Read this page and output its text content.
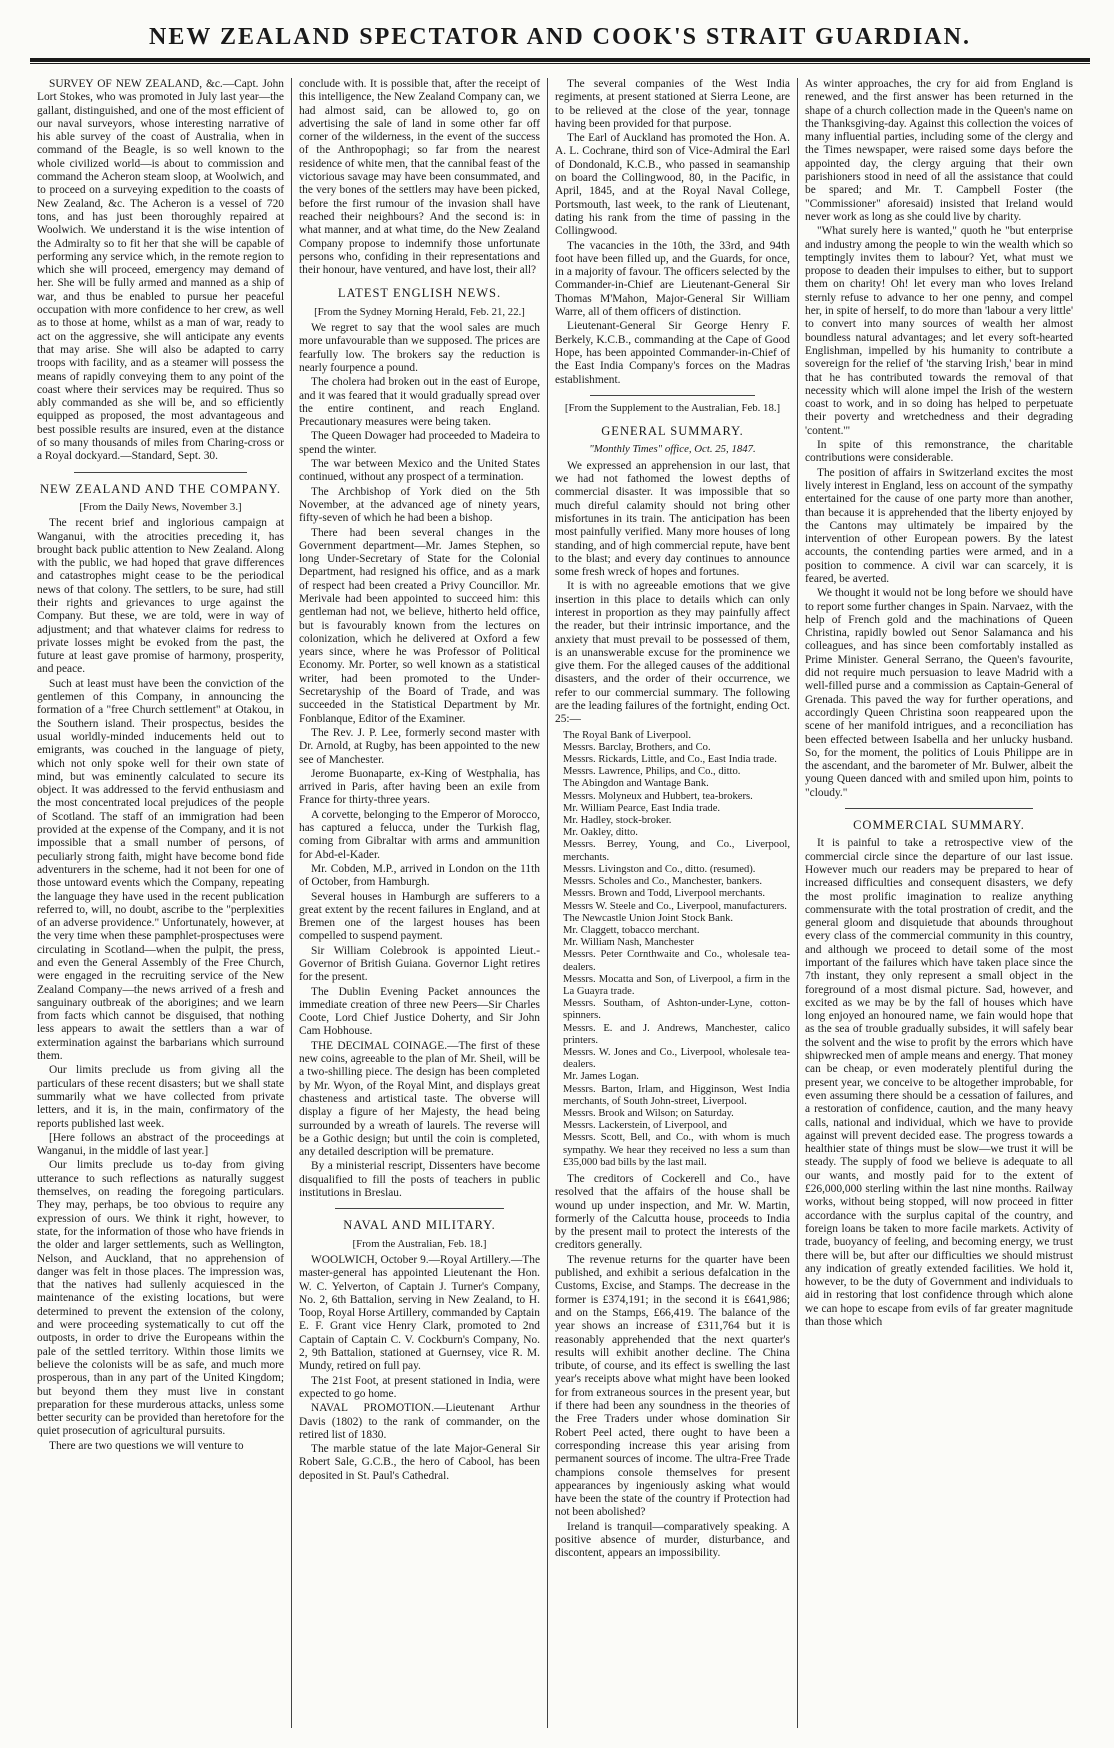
NEW ZEALAND SPECTATOR AND COOK'S STRAIT GUARDIAN.

SURVEY OF NEW ZEALAND, &c.—Capt. John Lort Stokes, who was promoted in July last year—the gallant, distinguished, and one of the most efficient of our naval surveyors, whose interesting narrative of his able survey of the coast of Australia, when in command of the Beagle, is so well known to the whole civilized world—is about to commission and command the Acheron steam sloop, at Woolwich, and to proceed on a surveying expedition to the coasts of New Zealand, &c. The Acheron is a vessel of 720 tons, and has just been thoroughly repaired at Woolwich. We understand it is the wise intention of the Admiralty so to fit her that she will be capable of performing any service which, in the remote region to which she will proceed, emergency may demand of her. She will be fully armed and manned as a ship of war, and thus be enabled to pursue her peaceful occupation with more confidence to her crew, as well as to those at home, whilst as a man of war, ready to act on the aggressive, she will anticipate any events that may arise. She will also be adapted to carry troops with facility, and as a steamer will possess the means of rapidly conveying them to any point of the coast where their services may be required. Thus so ably commanded as she will be, and so efficiently equipped as proposed, the most advantageous and best possible results are insured, even at the distance of so many thousands of miles from Charing-cross or a Royal dockyard.—Standard, Sept. 30.

NEW ZEALAND AND THE COMPANY.

[From the Daily News, November 3.]

The recent brief and inglorious campaign at Wanganui, with the atrocities preceding it, has brought back public attention to New Zealand. Along with the public, we had hoped that grave differences and catastrophes might cease to be the periodical news of that colony. The settlers, to be sure, had still their rights and grievances to urge against the Company. But these, we are told, were in way of adjustment; and that whatever claims for redress to private losses might be evoked from the past, the future at least gave promise of harmony, prosperity, and peace.

Such at least must have been the conviction of the gentlemen of this Company, in announcing the formation of a "free Church settlement" at Otakou, in the Southern island. Their prospectus, besides the usual worldly-minded inducements held out to emigrants, was couched in the language of piety, which not only spoke well for their own state of mind, but was eminently calculated to secure its object. It was addressed to the fervid enthusiasm and the most concentrated local prejudices of the people of Scotland. The staff of an immigration had been provided at the expense of the Company, and it is not impossible that a small number of persons, of peculiarly strong faith, might have become bond fide adventurers in the scheme, had it not been for one of those untoward events which the Company, repeating the language they have used in the recent publication referred to, will, no doubt, ascribe to the "perplexities of an adverse providence." Unfortunately, however, at the very time when these pamphlet-prospectuses were circulating in Scotland—when the pulpit, the press, and even the General Assembly of the Free Church, were engaged in the recruiting service of the New Zealand Company—the news arrived of a fresh and sanguinary outbreak of the aborigines; and we learn from facts which cannot be disguised, that nothing less appears to await the settlers than a war of extermination against the barbarians which surround them.

Our limits preclude us from giving all the particulars of these recent disasters; but we shall state summarily what we have collected from private letters, and it is, in the main, confirmatory of the reports published last week.

[Here follows an abstract of the proceedings at Wanganui, in the middle of last year.]

Our limits preclude us to-day from giving utterance to such reflections as naturally suggest themselves, on reading the foregoing particulars. They may, perhaps, be too obvious to require any expression of ours. We think it right, however, to state, for the information of those who have friends in the older and larger settlements, such as Wellington, Nelson, and Auckland, that no apprehension of danger was felt in those places. The impression was, that the natives had sullenly acquiesced in the maintenance of the existing locations, but were determined to prevent the extension of the colony, and were proceeding systematically to cut off the outposts, in order to drive the Europeans within the pale of the settled territory. Within those limits we believe the colonists will be as safe, and much more prosperous, than in any part of the United Kingdom; but beyond them they must live in constant preparation for these murderous attacks, unless some better security can be provided than heretofore for the quiet prosecution of agricultural pursuits.

There are two questions we will venture to

conclude with. It is possible that, after the receipt of this intelligence, the New Zealand Company can, we had almost said, can be allowed to, go on advertising the sale of land in some other far off corner of the wilderness, in the event of the success of the Anthropophagi; so far from the nearest residence of white men, that the cannibal feast of the victorious savage may have been consummated, and the very bones of the settlers may have been picked, before the first rumour of the invasion shall have reached their neighbours? And the second is: in what manner, and at what time, do the New Zealand Company propose to indemnify those unfortunate persons who, confiding in their representations and their honour, have ventured, and have lost, their all?

LATEST ENGLISH NEWS.

[From the Sydney Morning Herald, Feb. 21, 22.]

We regret to say that the wool sales are much more unfavourable than we supposed. The prices are fearfully low. The brokers say the reduction is nearly fourpence a pound.

The cholera had broken out in the east of Europe, and it was feared that it would gradually spread over the entire continent, and reach England. Precautionary measures were being taken.

The Queen Dowager had proceeded to Madeira to spend the winter.

The war between Mexico and the United States continued, without any prospect of a termination.

The Archbishop of York died on the 5th November, at the advanced age of ninety years, fifty-seven of which he had been a bishop.

There had been several changes in the Government department—Mr. James Stephen, so long Under-Secretary of State for the Colonial Department, had resigned his office, and as a mark of respect had been created a Privy Councillor. Mr. Merivale had been appointed to succeed him: this gentleman had not, we believe, hitherto held office, but is favourably known from the lectures on colonization, which he delivered at Oxford a few years since, where he was Professor of Political Economy. Mr. Porter, so well known as a statistical writer, had been promoted to the Under-Secretaryship of the Board of Trade, and was succeeded in the Statistical Department by Mr. Fonblanque, Editor of the Examiner.

The Rev. J. P. Lee, formerly second master with Dr. Arnold, at Rugby, has been appointed to the new see of Manchester.

Jerome Buonaparte, ex-King of Westphalia, has arrived in Paris, after having been an exile from France for thirty-three years.

A corvette, belonging to the Emperor of Morocco, has captured a felucca, under the Turkish flag, coming from Gibraltar with arms and ammunition for Abd-el-Kader.

Mr. Cobden, M.P., arrived in London on the 11th of October, from Hamburgh.

Several houses in Hamburgh are sufferers to a great extent by the recent failures in England, and at Bremen one of the largest houses has been compelled to suspend payment.

Sir William Colebrook is appointed Lieut.-Governor of British Guiana. Governor Light retires for the present.

The Dublin Evening Packet announces the immediate creation of three new Peers—Sir Charles Coote, Lord Chief Justice Doherty, and Sir John Cam Hobhouse.

THE DECIMAL COINAGE.—The first of these new coins, agreeable to the plan of Mr. Sheil, will be a two-shilling piece. The design has been completed by Mr. Wyon, of the Royal Mint, and displays great chasteness and artistical taste. The obverse will display a figure of her Majesty, the head being surrounded by a wreath of laurels. The reverse will be a Gothic design; but until the coin is completed, any detailed description will be premature.

By a ministerial rescript, Dissenters have become disqualified to fill the posts of teachers in public institutions in Breslau.

NAVAL AND MILITARY.

[From the Australian, Feb. 18.]

WOOLWICH, October 9.—Royal Artillery.—The master-general has appointed Lieutenant the Hon. W. C. Yelverton, of Captain J. Turner's Company, No. 2, 6th Battalion, serving in New Zealand, to H. Toop, Royal Horse Artillery, commanded by Captain E. F. Grant vice Henry Clark, promoted to 2nd Captain of Captain C. V. Cockburn's Company, No. 2, 9th Battalion, stationed at Guernsey, vice R. M. Mundy, retired on full pay.

The 21st Foot, at present stationed in India, were expected to go home.

NAVAL PROMOTION.—Lieutenant Arthur Davis (1802) to the rank of commander, on the retired list of 1830.

The marble statue of the late Major-General Sir Robert Sale, G.C.B., the hero of Cabool, has been deposited in St. Paul's Cathedral.

The several companies of the West India regiments, at present stationed at Sierra Leone, are to be relieved at the close of the year, tonnage having been provided for that purpose.

The Earl of Auckland has promoted the Hon. A. A. L. Cochrane, third son of Vice-Admiral the Earl of Dondonald, K.C.B., who passed in seamanship on board the Collingwood, 80, in the Pacific, in April, 1845, and at the Royal Naval College, Portsmouth, last week, to the rank of Lieutenant, dating his rank from the time of passing in the Collingwood.

The vacancies in the 10th, the 33rd, and 94th foot have been filled up, and the Guards, for once, in a majority of favour. The officers selected by the Commander-in-Chief are Lieutenant-General Sir Thomas M'Mahon, Major-General Sir William Warre, all of them officers of distinction.

Lieutenant-General Sir George Henry F. Berkely, K.C.B., commanding at the Cape of Good Hope, has been appointed Commander-in-Chief of the East India Company's forces on the Madras establishment.

[From the Supplement to the Australian, Feb. 18.]

GENERAL SUMMARY.

"Monthly Times" office, Oct. 25, 1847.

We expressed an apprehension in our last, that we had not fathomed the lowest depths of commercial disaster. It was impossible that so much direful calamity should not bring other misfortunes in its train. The anticipation has been most painfully verified. Many more houses of long standing, and of high commercial repute, have bent to the blast; and every day continues to announce some fresh wreck of hopes and fortunes.

It is with no agreeable emotions that we give insertion in this place to details which can only interest in proportion as they may painfully affect the reader, but their intrinsic importance, and the anxiety that must prevail to be possessed of them, is an unanswerable excuse for the prominence we give them. For the alleged causes of the additional disasters, and the order of their occurrence, we refer to our commercial summary. The following are the leading failures of the fortnight, ending Oct. 25:—

The Royal Bank of Liverpool.

Messrs. Barclay, Brothers, and Co.

Messrs. Rickards, Little, and Co., East India trade.

Messrs. Lawrence, Philips, and Co., ditto.

The Abingdon and Wantage Bank.

Messrs. Molyneux and Hubbert, tea-brokers.

Mr. William Pearce, East India trade.

Mr. Hadley, stock-broker.

Mr. Oakley, ditto.

Messrs. Berrey, Young, and Co., Liverpool, merchants.

Messrs. Livingston and Co., ditto. (resumed).

Messrs. Scholes and Co., Manchester, bankers.

Messrs. Brown and Todd, Liverpool merchants.

Messrs W. Steele and Co., Liverpool, manufacturers.

The Newcastle Union Joint Stock Bank.

Mr. Claggett, tobacco merchant.

Mr. William Nash, Manchester

Messrs. Peter Cornthwaite and Co., wholesale tea-dealers.

Messrs. Mocatta and Son, of Liverpool, a firm in the La Guayra trade.

Messrs. Southam, of Ashton-under-Lyne, cotton-spinners.

Messrs. E. and J. Andrews, Manchester, calico printers.

Messrs. W. Jones and Co., Liverpool, wholesale tea-dealers.

Mr. James Logan.

Messrs. Barton, Irlam, and Higginson, West India merchants, of South John-street, Liverpool.

Messrs. Brook and Wilson; on Saturday.

Messrs. Lackerstein, of Liverpool, and

Messrs. Scott, Bell, and Co., with whom is much sympathy. We hear they received no less a sum than £35,000 bad bills by the last mail.

The creditors of Cockerell and Co., have resolved that the affairs of the house shall be wound up under inspection, and Mr. W. Martin, formerly of the Calcutta house, proceeds to India by the present mail to protect the interests of the creditors generally.

The revenue returns for the quarter have been published, and exhibit a serious defalcation in the Customs, Excise, and Stamps. The decrease in the former is £374,191; in the second it is £641,986; and on the Stamps, £66,419. The balance of the year shows an increase of £311,764 but it is reasonably apprehended that the next quarter's results will exhibit another decline. The China tribute, of course, and its effect is swelling the last year's receipts above what might have been looked for from extraneous sources in the present year, but if there had been any soundness in the theories of the Free Traders under whose domination Sir Robert Peel acted, there ought to have been a corresponding increase this year arising from permanent sources of income. The ultra-Free Trade champions console themselves for present appearances by ingeniously asking what would have been the state of the country if Protection had not been abolished?

Ireland is tranquil—comparatively speaking. A positive absence of murder, disturbance, and discontent, appears an impossibility.

As winter approaches, the cry for aid from England is renewed, and the first answer has been returned in the shape of a church collection made in the Queen's name on the Thanksgiving-day. Against this collection the voices of many influential parties, including some of the clergy and the Times newspaper, were raised some days before the appointed day, the clergy arguing that their own parishioners stood in need of all the assistance that could be spared; and Mr. T. Campbell Foster (the "Commissioner" aforesaid) insisted that Ireland would never work as long as she could live by charity.

"What surely here is wanted," quoth he "but enterprise and industry among the people to win the wealth which so temptingly invites them to labour? Yet, what must we propose to deaden their impulses to either, but to support them on charity! Oh! let every man who loves Ireland sternly refuse to advance to her one penny, and compel her, in spite of herself, to do more than 'labour a very little' to convert into many sources of wealth her almost boundless natural advantages; and let every soft-hearted Englishman, impelled by his humanity to contribute a sovereign for the relief of 'the starving Irish,' bear in mind that he has contributed towards the removal of that necessity which will alone impel the Irish of the western coast to work, and in so doing has helped to perpetuate their poverty and wretchedness and their degrading 'content.'"

In spite of this remonstrance, the charitable contributions were considerable.

The position of affairs in Switzerland excites the most lively interest in England, less on account of the sympathy entertained for the cause of one party more than another, than because it is apprehended that the liberty enjoyed by the Cantons may ultimately be impaired by the intervention of other European powers. By the latest accounts, the contending parties were armed, and in a position to commence. A civil war can scarcely, it is feared, be averted.

We thought it would not be long before we should have to report some further changes in Spain. Narvaez, with the help of French gold and the machinations of Queen Christina, rapidly bowled out Senor Salamanca and his colleagues, and has since been comfortably installed as Prime Minister. General Serrano, the Queen's favourite, did not require much persuasion to leave Madrid with a well-filled purse and a commission as Captain-General of Grenada. This paved the way for further operations, and accordingly Queen Christina soon reappeared upon the scene of her manifold intrigues, and a reconciliation has been effected between Isabella and her unlucky husband. So, for the moment, the politics of Louis Philippe are in the ascendant, and the barometer of Mr. Bulwer, albeit the young Queen danced with and smiled upon him, points to "cloudy."

COMMERCIAL SUMMARY.

It is painful to take a retrospective view of the commercial circle since the departure of our last issue. However much our readers may be prepared to hear of increased difficulties and consequent disasters, we defy the most prolific imagination to realize anything commensurate with the total prostration of credit, and the general gloom and disquietude that abounds throughout every class of the commercial community in this country, and although we proceed to detail some of the most important of the failures which have taken place since the 7th instant, they only represent a small object in the foreground of a most dismal picture. Sad, however, and excited as we may be by the fall of houses which have long enjoyed an honoured name, we fain would hope that as the sea of trouble gradually subsides, it will safely bear the solvent and the wise to profit by the errors which have shipwrecked men of ample means and energy. That money can be cheap, or even moderately plentiful during the present year, we conceive to be altogether improbable, for even assuming there should be a cessation of failures, and a restoration of confidence, caution, and the many heavy calls, national and individual, which we have to provide against will prevent decided ease. The progress towards a healthier state of things must be slow—we trust it will be steady. The supply of food we believe is adequate to all our wants, and mostly paid for to the extent of £26,000,000 sterling within the last nine months. Railway works, without being stopped, will now proceed in fitter accordance with the surplus capital of the country, and foreign loans be taken to more facile markets. Activity of trade, buoyancy of feeling, and becoming energy, we trust there will be, but after our difficulties we should mistrust any indication of greatly extended facilities. We hold it, however, to be the duty of Government and individuals to aid in restoring that lost confidence through which alone we can hope to escape from evils of far greater magnitude than those which
